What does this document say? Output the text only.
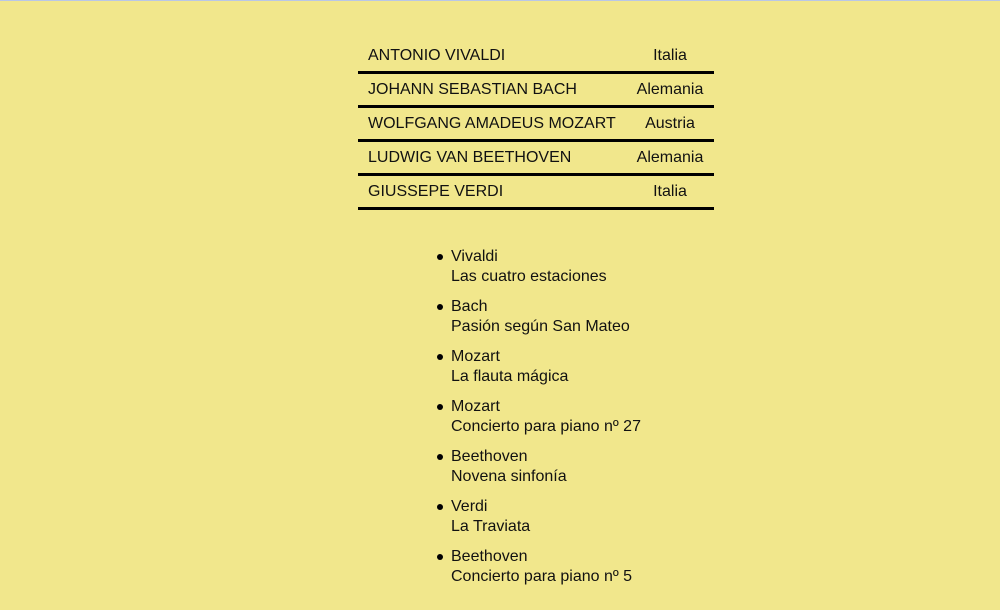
ANTONIO VIVALDI	Italia
JOHANN SEBASTIAN BACH	Alemania
WOLFGANG AMADEUS MOZART	Austria
LUDWIG VAN BEETHOVEN	Alemania
GIUSSEPE VERDI	Italia
Vivaldi
Las cuatro estaciones
Bach
Pasión según San Mateo
Mozart
La flauta mágica
Mozart
Concierto para piano nº 27
Beethoven
Novena sinfonía
Verdi
La Traviata
Beethoven
Concierto para piano nº 5
